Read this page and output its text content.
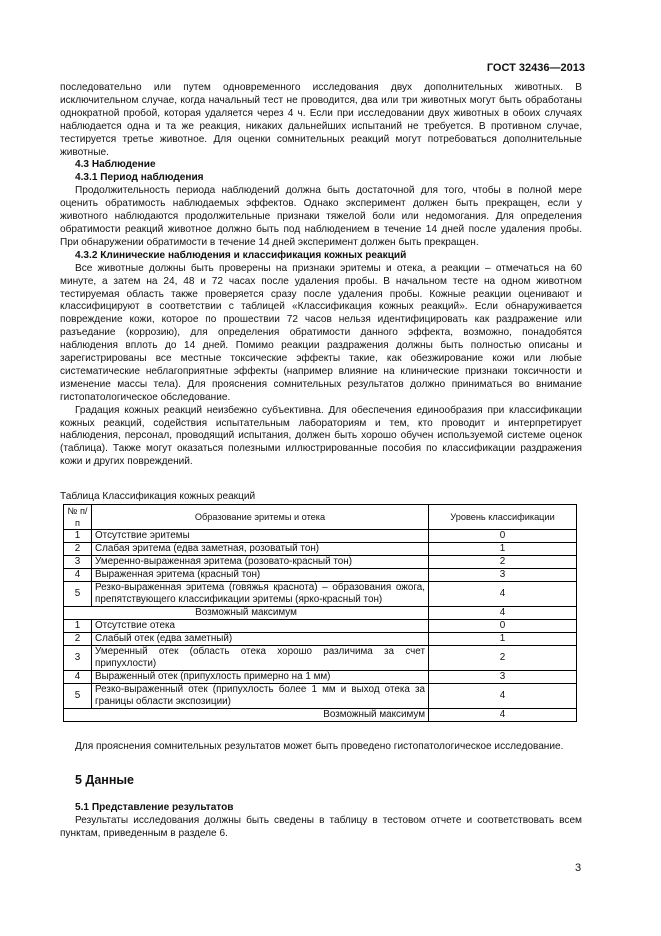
ГОСТ 32436—2013

последовательно или путем одновременного исследования двух дополнительных животных. В исключительном случае, когда начальный тест не проводится, два или три животных могут быть обработаны однократной пробой, которая удаляется через 4 ч. Если при исследовании двух животных в обоих случаях наблюдается одна и та же реакция, никаких дальнейших испытаний не требуется. В противном случае, тестируется третье животное. Для оценки сомнительных реакций могут потребоваться дополнительные животные.

4.3 Наблюдение

4.3.1 Период наблюдения

Продолжительность периода наблюдений должна быть достаточной для того, чтобы в полной мере оценить обратимость наблюдаемых эффектов. Однако эксперимент должен быть прекращен, если у животного наблюдаются продолжительные признаки тяжелой боли или недомогания. Для определения обратимости реакций животное должно быть под наблюдением в течение 14 дней после удаления пробы. При обнаружении обратимости в течение 14 дней эксперимент должен быть прекращен.

4.3.2 Клинические наблюдения и классификация кожных реакций

Все животные должны быть проверены на признаки эритемы и отека, а реакции – отмечаться на 60 минуте, а затем на 24, 48 и 72 часах после удаления пробы. В начальном тесте на одном животном тестируемая область также проверяется сразу после удаления пробы. Кожные реакции оценивают и классифицируют в соответствии с таблицей «Классификация кожных реакций». Если обнаруживается повреждение кожи, которое по прошествии 72 часов нельзя идентифицировать как раздражение или разъедание (коррозию), для определения обратимости данного эффекта, возможно, понадобятся наблюдения вплоть до 14 дней. Помимо реакции раздражения должны быть полностью описаны и зарегистрированы все местные токсические эффекты такие, как обезжирование кожи или любые систематические неблагоприятные эффекты (например влияние на клинические признаки токсичности и изменение массы тела). Для прояснения сомнительных результатов должно приниматься во внимание гистопатологическое обследование.

Градация кожных реакций неизбежно субъективна. Для обеспечения единообразия при классификации кожных реакций, содействия испытательным лабораториям и тем, кто проводит и интерпретирует наблюдения, персонал, проводящий испытания, должен быть хорошо обучен используемой системе оценок (таблица). Также могут оказаться полезными иллюстрированные пособия по классификации раздражения кожи и других повреждений.

Таблица Классификация кожных реакций

№ п/п	Образование эритемы и отека	Уровень классификации
1	Отсутствие эритемы	0
2	Слабая эритема (едва заметная, розоватый тон)	1
3	Умеренно-выраженная эритема (розовато-красный тон)	2
4	Выраженная эритема (красный тон)	3
5	Резко-выраженная эритема (говяжья краснота) – образования ожога, препятствующего классификации эритемы (ярко-красный тон)	4
Возможный максимум		4
1	Отсутствие отека	0
2	Слабый отек (едва заметный)	1
3	Умеренный отек (область отека хорошо различима за счет припухлости)	2
4	Выраженный отек (припухлость примерно на 1 мм)	3
5	Резко-выраженный отек (припухлость более 1 мм и выход отека за границы области экспозиции)	4
Возможный максимум		4

Для прояснения сомнительных результатов может быть проведено гистопатологическое исследование.

5 Данные

5.1 Представление результатов

Результаты исследования должны быть сведены в таблицу в тестовом отчете и соответствовать всем пунктам, приведенным в разделе 6.

3
